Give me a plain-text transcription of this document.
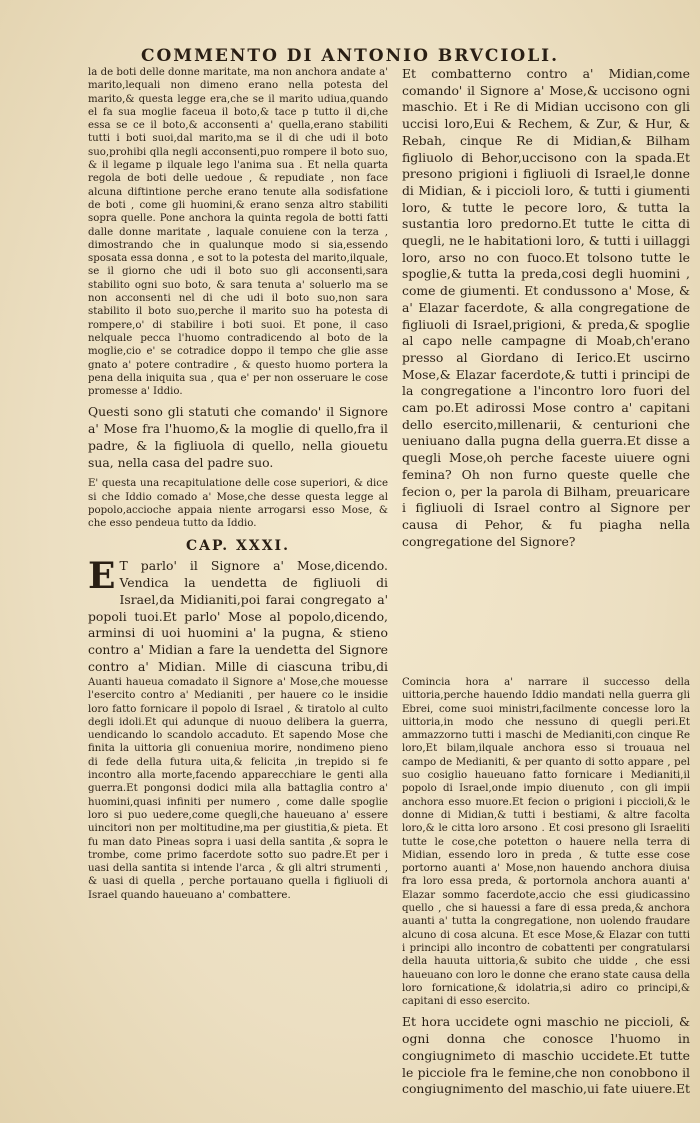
COMMENTO DI ANTONIO BRVCIOLI.

la de boti delle donne maritate, ma non anchora andate a' marito,lequali non dimeno erano nella potesta del marito,& questa legge era,che se il marito udiua,quando el fa sua moglie faceua il boto,& tace p tutto il di,che essa se ce il boto,& acconsenti a' quella,erano stabiliti tutti i boti suoi,dal marito,ma se il di che udi il boto suo,prohibi qlla negli acconsenti,puo rompere il boto suo, & il legame p ilquale lego l'anima sua . Et nella quarta regola de boti delle uedoue , & repudiate , non face alcuna diftintione perche erano tenute alla sodisfatione de boti , come gli huomini,& erano senza altro stabiliti sopra quelle. Pone anchora la quinta regola de botti fatti dalle donne maritate , laquale conuiene con la terza , dimostrando che in qualunque modo si sia,essendo sposata essa donna , e sot to la potesta del marito,ilquale, se il giorno che udi il boto suo gli acconsenti,sara stabilito ogni suo boto, & sara tenuta a' soluerlo ma se non acconsenti nel di che udi il boto suo,non sara stabilito il boto suo,perche il marito suo ha potesta di rompere,o' di stabilire i boti suoi. Et pone, il caso nelquale pecca l'huomo contradicendo al boto de la moglie,cio e' se cotradice doppo il tempo che glie asse gnato a' potere contradire , & questo huomo portera la pena della iniquita sua , qua e' per non osseruare le cose promesse a' Iddio.

Questi sono gli statuti che comando' il Signore a' Mose fra l'huomo,& la moglie di quello,fra il padre, & la figliuola di quello, nella giouetu sua, nella casa del padre suo.

E' questa una recapitulatione delle cose superiori, & dice si che Iddio comado a' Mose,che desse questa legge al popolo,accioche appaia niente arrogarsi esso Mose, & che esso pendeua tutto da Iddio.

CAP. XXXI.

E T parlo' il Signore a' Mose,dicendo. Vendica la uendetta de figliuoli di Israel,da Midianiti,poi farai congregato a' popoli tuoi.Et parlo' Mose al popolo,dicendo, arminsi di uoi huomini a' la pugna, & stieno contro a' Midian a fare la uendetta del Signore contro a' Midian. Mille di ciascuna tribu,di

Auanti haueua comadato il Signore a' Mose,che mouesse l'esercito contro a' Medianiti , per hauere co le insidie loro fatto fornicare il popolo di Israel , & tiratolo al culto degli idoli.Et qui adunque di nuouo delibera la guerra, uendicando lo scandolo accaduto. Et sapendo Mose che finita la uittoria gli conueniua morire, nondimeno pieno di fede della futura uita,& felicita ,in trepido si fe incontro alla morte,facendo apparecchiare le genti alla guerra.Et pongonsi dodici mila alla battaglia contro a' huomini,quasi infiniti per numero , come dalle spoglie loro si puo uedere,come quegli,che haueuano a' essere uincitori non per moltitudine,ma per giustitia,& pieta. Et fu man dato Pineas sopra i uasi della santita ,& sopra le trombe, come primo facerdote sotto suo padre.Et per i uasi della santita si intende l'arca , & gli altri strumenti , & uasi di quella , perche portauano quella i figliuoli di Israel quando haueuano a' combattere.

Et combatterno contro a' Midian,come comando' il Signore a' Mose,& uccisono ogni maschio. Et i Re di Midian uccisono con gli uccisi loro,Eui & Rechem, & Zur, & Hur, & Rebah, cinque Re di Midian,& Bilham figliuolo di Behor,uccisono con la spada.Et presono prigioni i figliuoli di Israel,le donne di Midian, & i piccioli loro, & tutti i giumenti loro, & tutte le pecore loro, & tutta la sustantia loro predorno.Et tutte le citta di quegli, ne le habitationi loro, & tutti i uillaggi loro, arso no con fuoco.Et tolsono tutte le spoglie,& tutta la preda,cosi degli huomini , come de giumenti. Et condussono a' Mose, & a' Elazar facerdote, & alla congregatione de figliuoli di Israel,prigioni, & preda,& spoglie al capo nelle campagne di Moab,ch'erano presso al Giordano di Ierico.Et uscirno Mose,& Elazar facerdote,& tutti i principi de la congregatione a l'incontro loro fuori del cam po.Et adirossi Mose contro a' capitani dello esercito,millenarii, & centurioni che ueniuano dalla pugna della guerra.Et disse a quegli Mose,oh perche faceste uiuere ogni femina? Oh non furno queste quelle che fecion o, per la parola di Bilham, preuaricare i figliuoli di Israel contro al Signore per causa di Pehor, & fu piagha nella congregatione del Signore?

Comincia hora a' narrare il successo della uittoria,perche hauendo Iddio mandati nella guerra gli Ebrei, come suoi ministri,facilmente concesse loro la uittoria,in modo che nessuno di quegli peri.Et ammazzorno tutti i maschi de Medianiti,con cinque Re loro,Et bilam,ilquale anchora esso si trouaua nel campo de Medianiti, & per quanto di sotto appare , pel suo cosiglio haueuano fatto fornicare i Medianiti,il popolo di Israel,onde impio diuenuto , con gli impii anchora esso muore.Et fecion o prigioni i piccioli,& le donne di Midian,& tutti i bestiami, & altre facolta loro,& le citta loro arsono . Et cosi presono gli Israeliti tutte le cose,che potetton o hauere nella terra di Midian, essendo loro in preda , & tutte esse cose portorno auanti a' Mose,non hauendo anchora diuisa fra loro essa preda, & portornola anchora auanti a' Elazar sommo facerdote,accio che essi giudicassino quello , che si hauessi a fare di essa preda,& anchora auanti a' tutta la congregatione, non uolendo fraudare alcuno di cosa alcuna. Et esce Mose,& Elazar con tutti i principi allo incontro de cobattenti per congratularsi della hauuta uittoria,& subito che uidde , che essi haueuano con loro le donne che erano state causa della loro fornicatione,& idolatria,si adiro co principi,& capitani di esso esercito.

Et hora uccidete ogni maschio ne piccioli, & ogni donna che conosce l'huomo in congiugnimeto di maschio uccidete.Et tutte le picciole fra le femine,che non conobbono il congiugnimento del maschio,ui fate uiuere.Et
